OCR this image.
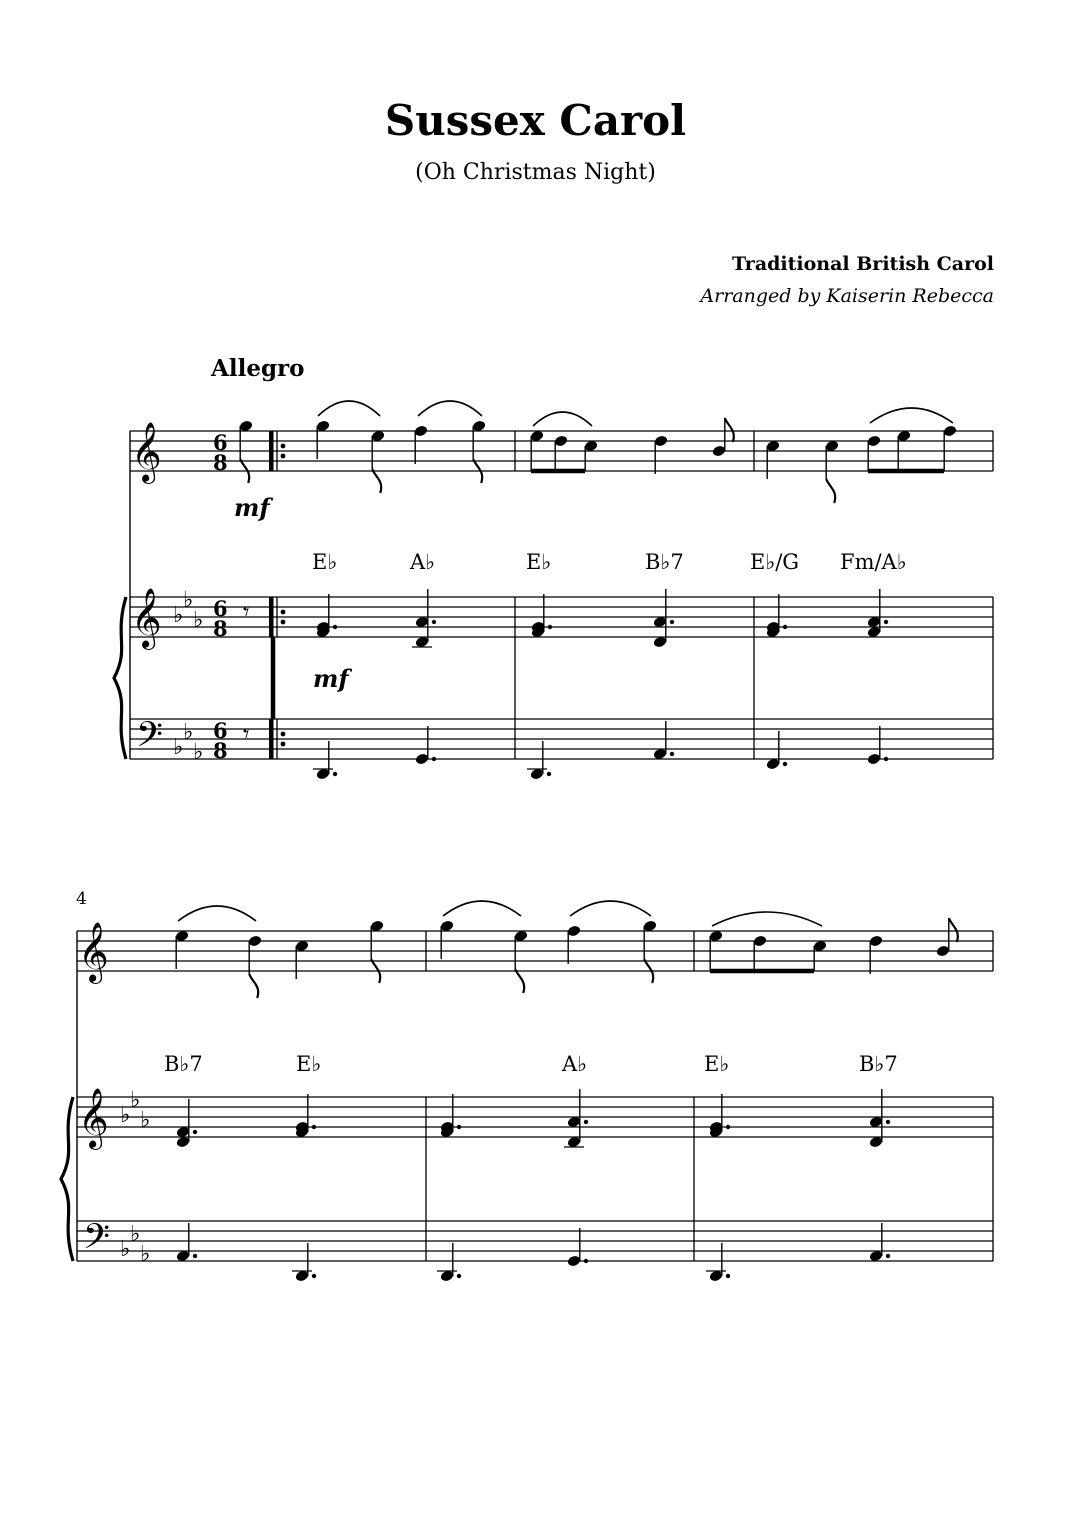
Sussex Carol
(Oh Christmas Night)
Traditional British Carol
Arranged by Kaiserin Rebecca
Allegro
mf
mf
E♭	A♭	E♭	B♭7	E♭/G Fm/A♭
4
B♭7	E♭	A♭	E♭	B♭7
𝄞
𝄞
𝄢
6
8
♭
♭
♭
♭
♭
♭
6
8
6
8
𝄾
𝄾
𝄞
𝄞
𝄢
♭
♭
♭
♭
♭
♭
